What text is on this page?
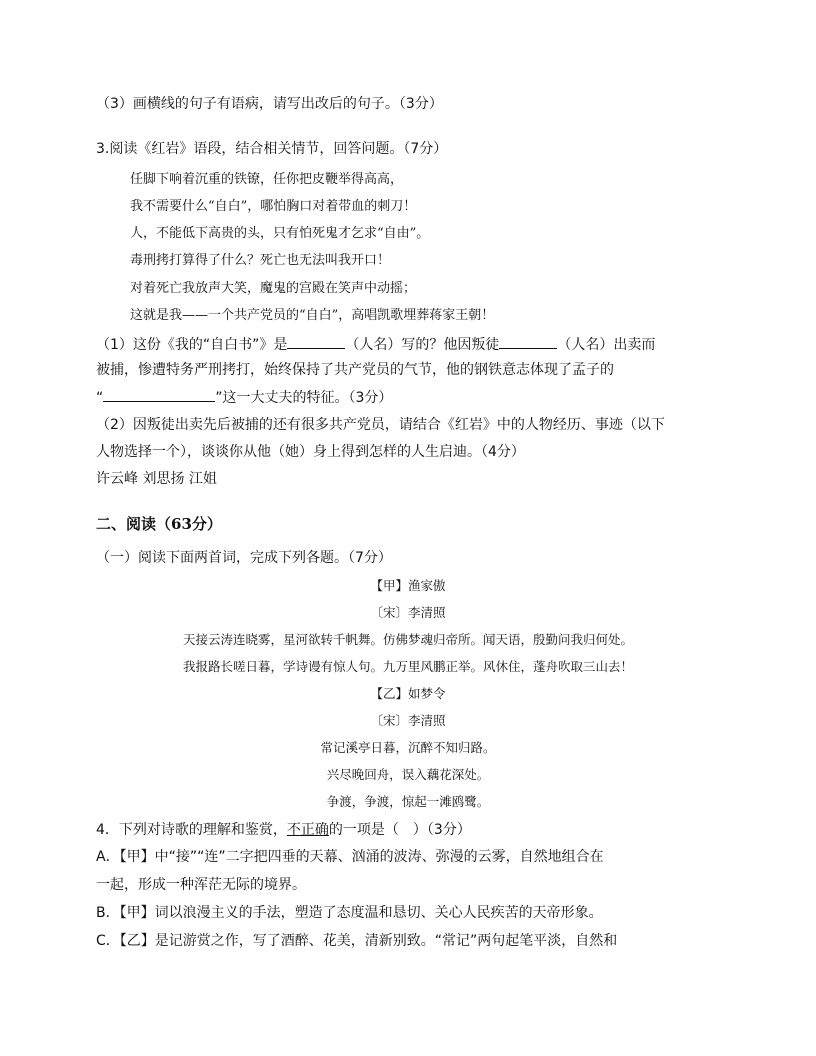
（3）画横线的句子有语病，请写出改后的句子。（3分）
3.阅读《红岩》语段，结合相关情节，回答问题。（7分）
任脚下响着沉重的铁镣，任你把皮鞭举得高高，
我不需要什么“自白”，哪怕胸口对着带血的刺刀！
人，不能低下高贵的头，只有怕死鬼才乞求“自由”。
毒刑拷打算得了什么？死亡也无法叫我开口！
对着死亡我放声大笑，魔鬼的宫殿在笑声中动摇；
这就是我——一个共产党员的“自白”，高唱凯歌埋葬蒋家王朝！
（1）这份《我的“自白书”》是	（人名）写的？他因叛徒	（人名）出卖而
被捕，惨遭特务严刑拷打，始终保持了共产党员的气节，他的钢铁意志体现了孟子的
“	”这一大丈夫的特征。（3分）
（2）因叛徒出卖先后被捕的还有很多共产党员，请结合《红岩》中的人物经历、事迹（以下
人物选择一个），谈谈你从他（她）身上得到怎样的人生启迪。（4分）
许云峰 刘思扬 江姐
二、阅读（63分）
（一）阅读下面两首词，完成下列各题。（7分）
【甲】渔家傲
〔宋〕李清照
天接云涛连晓雾，星河欲转千帆舞。仿佛梦魂归帝所。闻天语，殷勤问我归何处。
我报路长嗟日暮，学诗谩有惊人句。九万里风鹏正举。风休住，蓬舟吹取三山去！
【乙】如梦令
〔宋〕李清照
常记溪亭日暮，沉醉不知归路。
兴尽晚回舟，误入藕花深处。
争渡，争渡，惊起一滩鸥鹭。
4．下列对诗歌的理解和鉴赏，不正确的一项是（　）（3分）
A．【甲】中“接”“连”二字把四垂的天幕、汹涌的波涛、弥漫的云雾，自然地组合在
一起，形成一种浑茫无际的境界。
B．【甲】词以浪漫主义的手法，塑造了态度温和恳切、关心人民疾苦的天帝形象。
C．【乙】是记游赏之作，写了酒醉、花美，清新别致。“常记”两句起笔平淡，自然和
